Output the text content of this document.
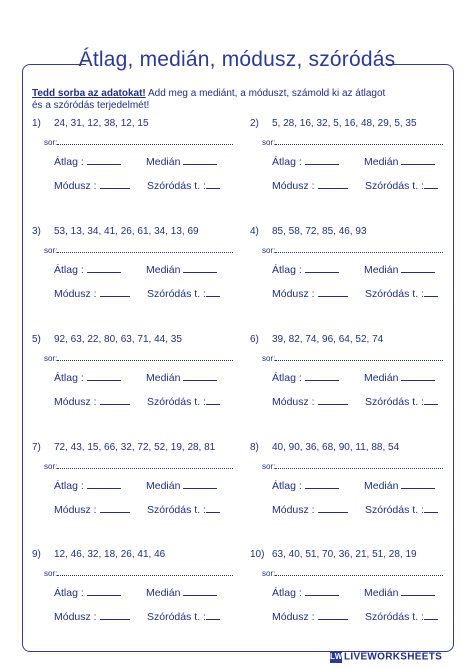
Átlag, medián, módusz, szóródás
Tedd sorba az adatokat! Add meg a mediánt, a móduszt, számold ki az átlagot
és a szóródás terjedelmét!
1) 24, 31, 12, 38, 12, 15
sor:
Átlag :	Medián
Módusz :	Szóródás t. :
2) 5, 28, 16, 32, 5, 16, 48, 29, 5, 35
sor:
Átlag :	Medián
Módusz :	Szóródás t. :
3) 53, 13, 34, 41, 26, 61, 34, 13, 69
sor:
Átlag :	Medián
Módusz :	Szóródás t. :
4) 85, 58, 72, 85, 46, 93
sor:
Átlag :	Medián
Módusz :	Szóródás t. :
5) 92, 63, 22, 80, 63, 71, 44, 35
sor:
Átlag :	Medián
Módusz :	Szóródás t. :
6) 39, 82, 74, 96, 64, 52, 74
sor:
Átlag :	Medián
Módusz :	Szóródás t. :
7) 72, 43, 15, 66, 32, 72, 52, 19, 28, 81
sor:
Átlag :	Medián
Módusz :	Szóródás t. :
8) 40, 90, 36, 68, 90, 11, 88, 54
sor:
Átlag :	Medián
Módusz :	Szóródás t. :
9) 12, 46, 32, 18, 26, 41, 46
sor:
Átlag :	Medián
Módusz :	Szóródás t. :
10) 63, 40, 51, 70, 36, 21, 51, 28, 19
sor:
Átlag :	Medián
Módusz :	Szóródás t. :
LWLIVEWORKSHEETS
